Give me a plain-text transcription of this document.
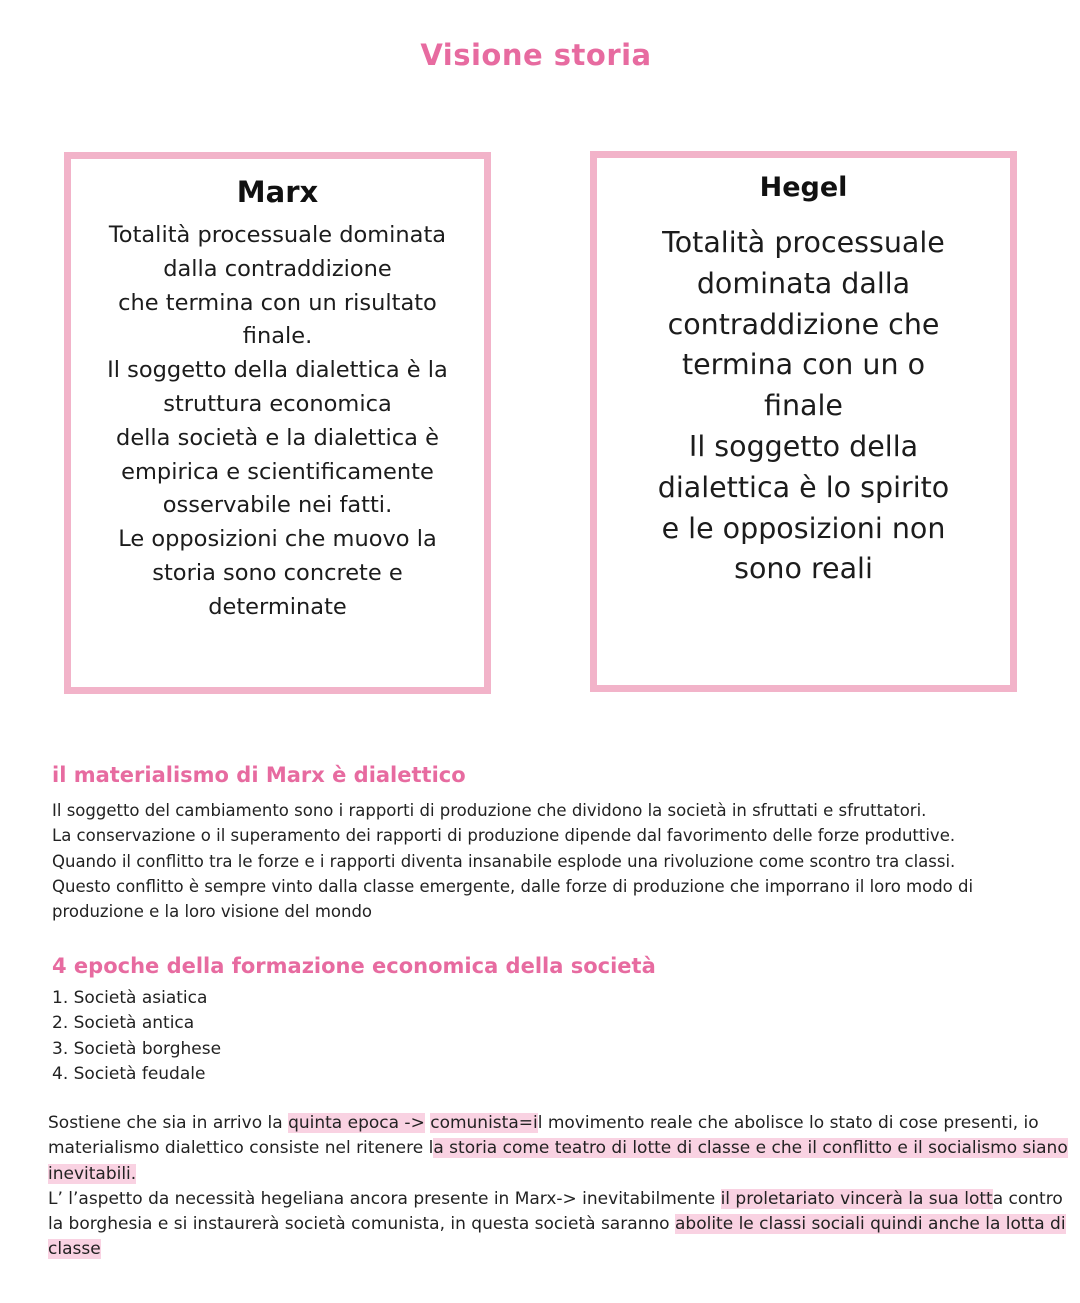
Visione storia
Marx
Totalità processuale dominata
dalla contraddizione
che termina con un risultato
finale.
Il soggetto della dialettica è la
struttura economica
della società e la dialettica è
empirica e scientificamente
osservabile nei fatti.
Le opposizioni che muovo la
storia sono concrete e
determinate
Hegel
Totalità processuale
dominata dalla
contraddizione che
termina con un o
finale
Il soggetto della
dialettica è lo spirito
e le opposizioni non
sono reali
il materialismo di Marx è dialettico

Il soggetto del cambiamento sono i rapporti di produzione che dividono la società in sfruttati e sfruttatori.

La conservazione o il superamento dei rapporti di produzione dipende dal favorimento delle forze produttive.

Quando il conflitto tra le forze e i rapporti diventa insanabile esplode una rivoluzione come scontro tra classi.

Questo conflitto è sempre vinto dalla classe emergente, dalle forze di produzione che imporrano il loro modo di produzione e la loro visione del mondo

4 epoche della formazione economica della società
1. Società asiatica
2. Società antica
3. Società borghese
4. Società feudale
Sostiene che sia in arrivo la quinta epoca -> comunista=il movimento reale che abolisce lo stato di cose presenti, io materialismo dialettico consiste nel ritenere la storia come teatro di lotte di classe e che il conflitto e il socialismo siano inevitabili.
L’ l’aspetto da necessità hegeliana ancora presente in Marx-> inevitabilmente il proletariato vincerà la sua lotta contro la borghesia e si instaurerà società comunista, in questa società saranno abolite le classi sociali quindi anche la lotta di classe
